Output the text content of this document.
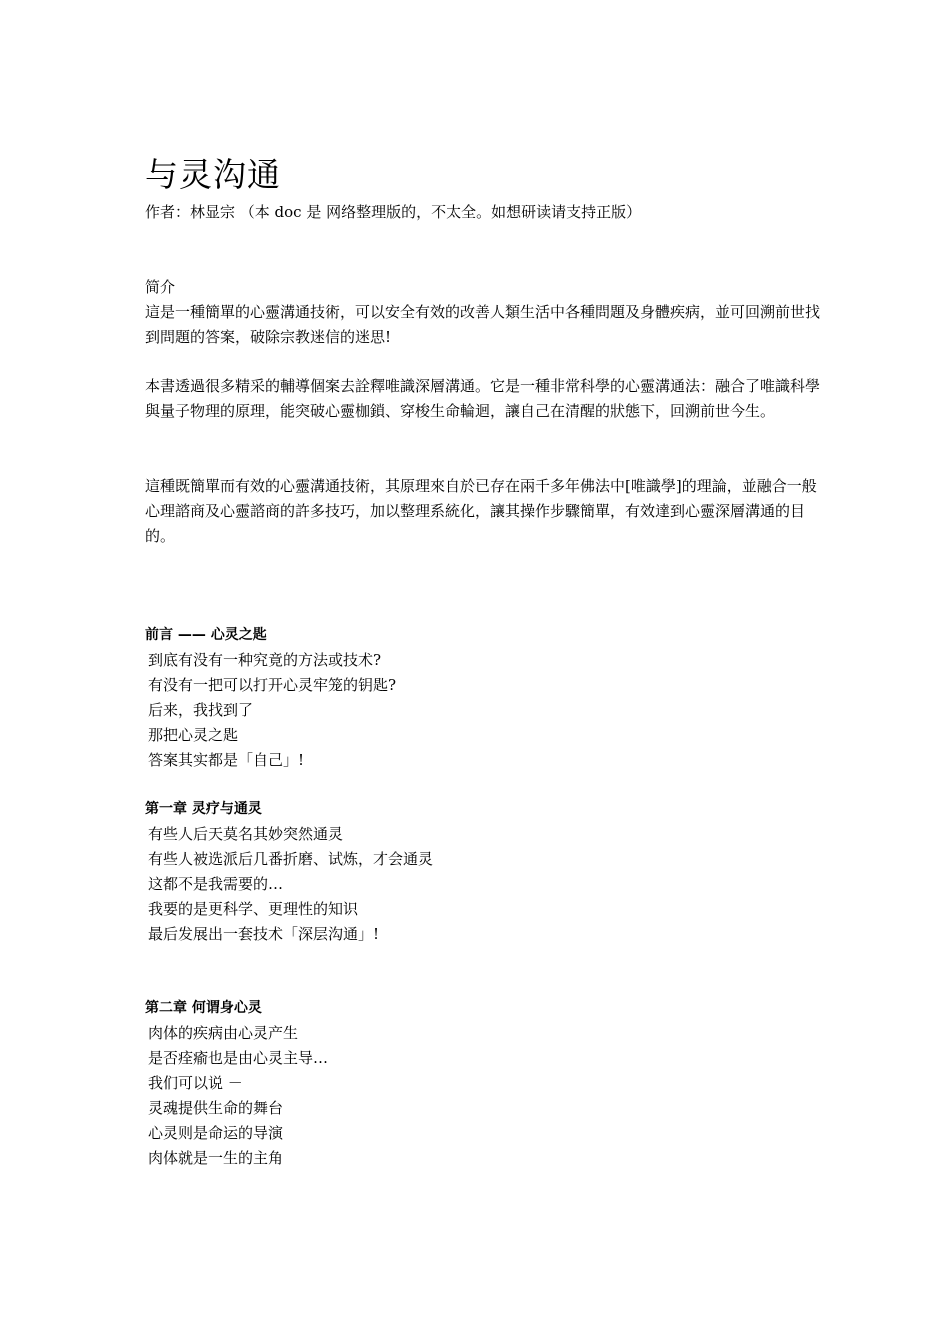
与灵沟通
作者：林显宗 （本 doc 是 网络整理版的，不太全。如想研读请支持正版）
简介

這是一種簡單的心靈溝通技術，可以安全有效的改善人類生活中各種問題及身體疾病，並可回溯前世找到問題的答案，破除宗教迷信的迷思!

本書透過很多精采的輔導個案去詮釋唯識深層溝通。它是一種非常科學的心靈溝通法：融合了唯識科學與量子物理的原理，能突破心靈枷鎖、穿梭生命輪迴，讓自己在清醒的狀態下，回溯前世今生。

這種既簡單而有效的心靈溝通技術，其原理來自於已存在兩千多年佛法中[唯識學]的理論，並融合一般心理諮商及心靈諮商的許多技巧，加以整理系統化，讓其操作步驟簡單，有效達到心靈深層溝通的目的。

前言 —— 心灵之匙
到底有没有一种究竟的方法或技术?
有没有一把可以打开心灵牢笼的钥匙?
后来，我找到了
那把心灵之匙
答案其实都是「自己」!
第一章 灵疗与通灵
有些人后天莫名其妙突然通灵
有些人被选派后几番折磨、试炼，才会通灵
这都不是我需要的…
我要的是更科学、更理性的知识
最后发展出一套技术「深层沟通」!
第二章 何谓身心灵
肉体的疾病由心灵产生
是否痊瘉也是由心灵主导…
我们可以说 －
灵魂提供生命的舞台
心灵则是命运的导演
肉体就是一生的主角
